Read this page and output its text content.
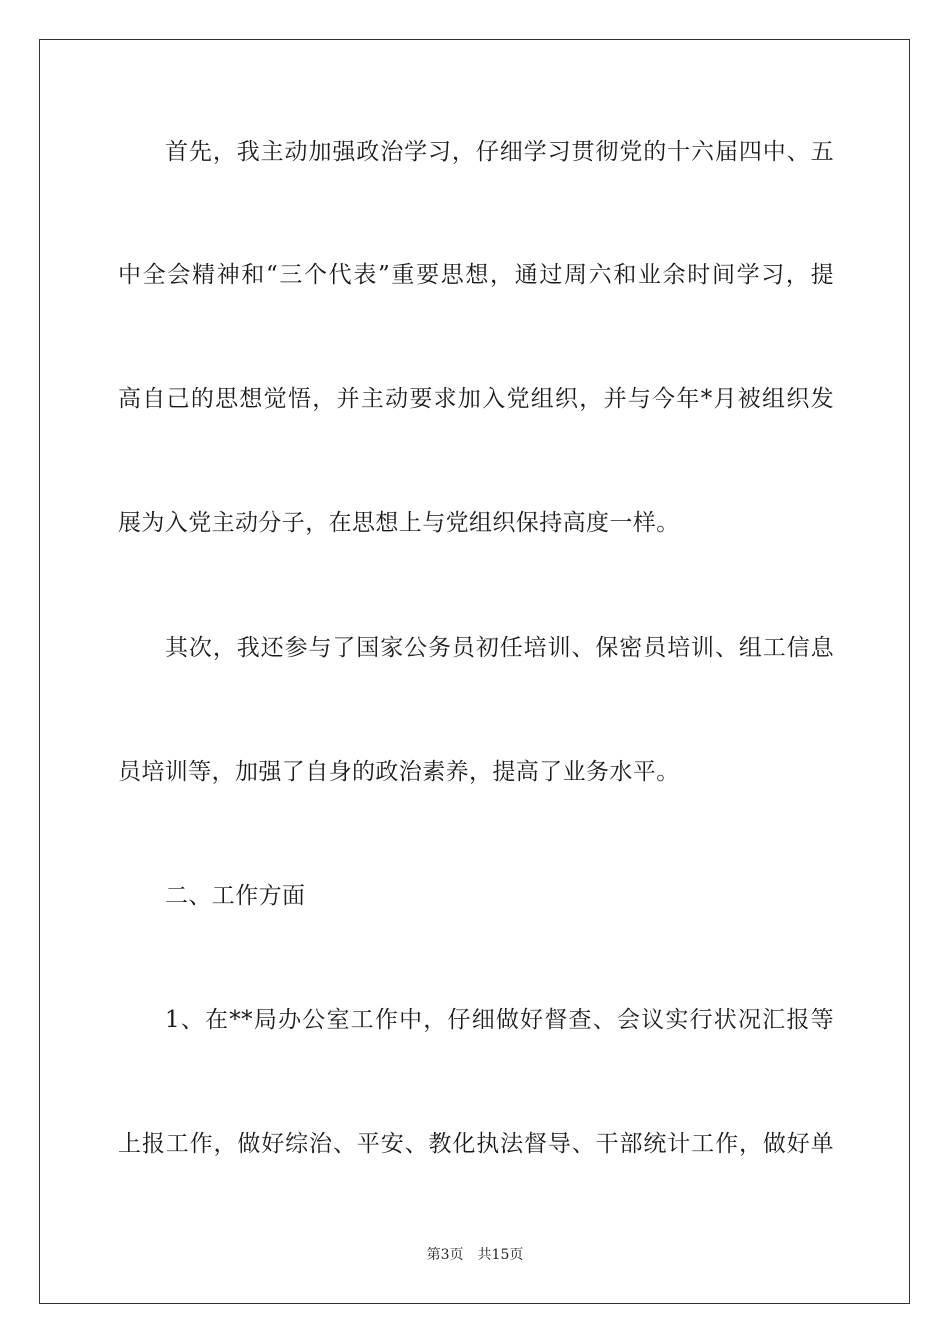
首先，我主动加强政治学习，仔细学习贯彻党的十六届四中、五
中全会精神和“三个代表”重要思想，通过周六和业余时间学习，提
高自己的思想觉悟，并主动要求加入党组织，并与今年*月被组织发
展为入党主动分子，在思想上与党组织保持高度一样。
其次，我还参与了国家公务员初任培训、保密员培训、组工信息
员培训等，加强了自身的政治素养，提高了业务水平。
二、工作方面
1、在**局办公室工作中，仔细做好督查、会议实行状况汇报等
上报工作，做好综治、平安、教化执法督导、干部统计工作，做好单
第3页 共15页
